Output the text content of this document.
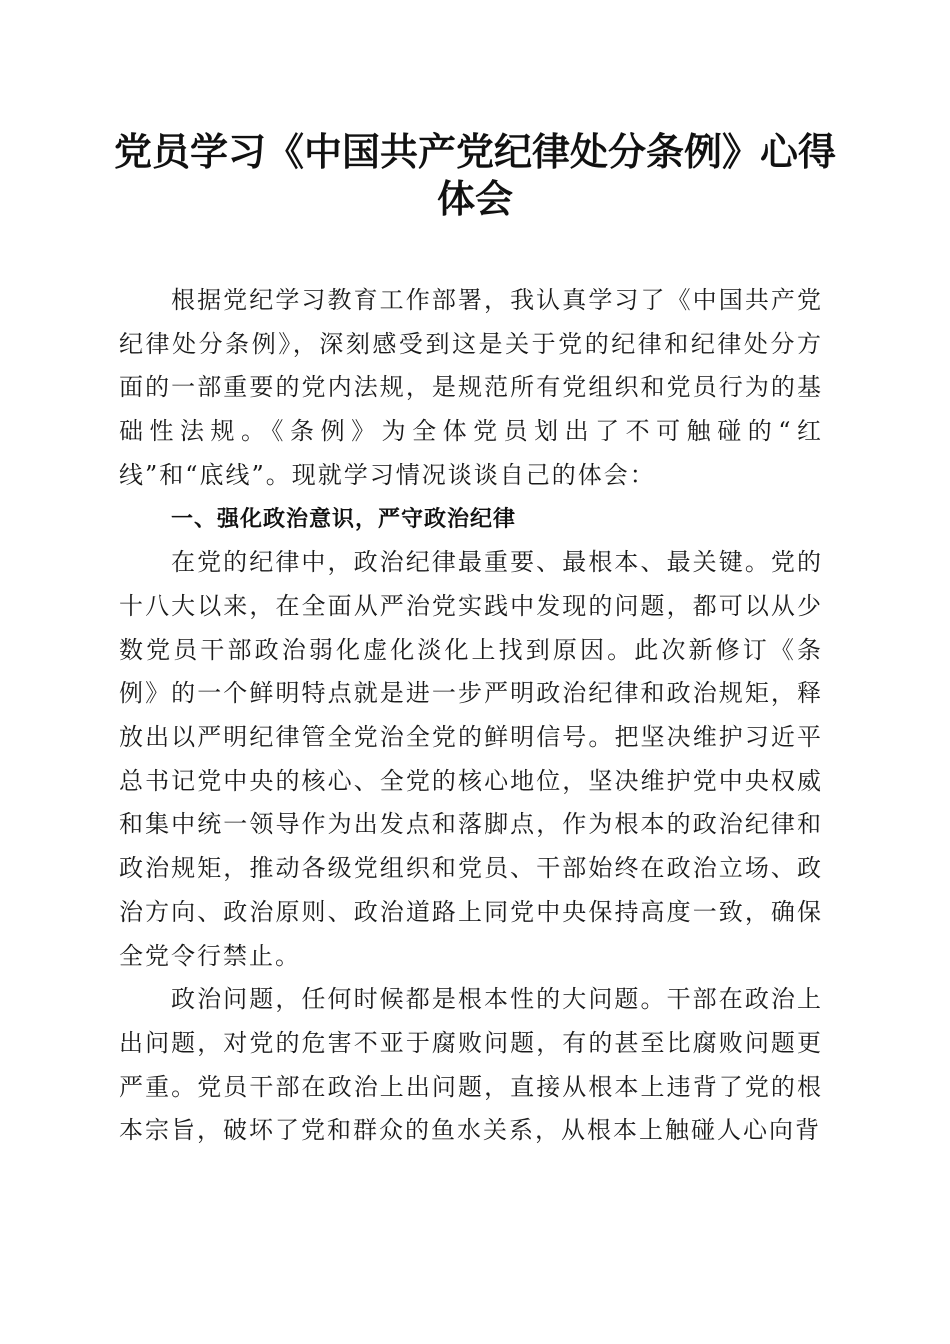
党员学习《中国共产党纪律处分条例》心得体会

根据党纪学习教育工作部署，我认真学习了《中国共产党纪律处分条例》，深刻感受到这是关于党的纪律和纪律处分方面的一部重要的党内法规，是规范所有党组织和党员行为的基础性法规。《条例》为全体党员划出了不可触碰的“红线”和“底线”。现就学习情况谈谈自己的体会：

一、强化政治意识，严守政治纪律

在党的纪律中，政治纪律最重要、最根本、最关键。党的十八大以来，在全面从严治党实践中发现的问题，都可以从少数党员干部政治弱化虚化淡化上找到原因。此次新修订《条例》的一个鲜明特点就是进一步严明政治纪律和政治规矩，释放出以严明纪律管全党治全党的鲜明信号。把坚决维护习近平总书记党中央的核心、全党的核心地位，坚决维护党中央权威和集中统一领导作为出发点和落脚点，作为根本的政治纪律和政治规矩，推动各级党组织和党员、干部始终在政治立场、政治方向、政治原则、政治道路上同党中央保持高度一致，确保全党令行禁止。

政治问题，任何时候都是根本性的大问题。干部在政治上出问题，对党的危害不亚于腐败问题，有的甚至比腐败问题更严重。党员干部在政治上出问题，直接从根本上违背了党的根本宗旨，破坏了党和群众的鱼水关系，从根本上触碰人心向背
